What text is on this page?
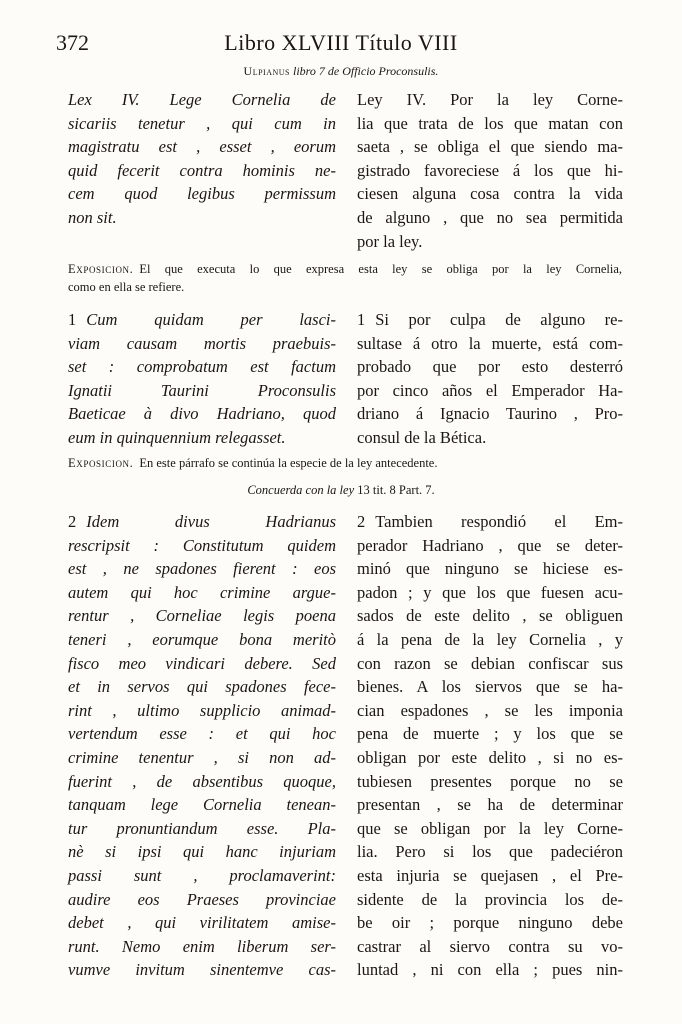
372	Libro XLVIII Título VIII
Ulpianus libro 7 de Officio Proconsulis.
Lex IV. Lege Cornelia de
sicariis tenetur , qui cum in
magistratu est , esset , eorum
quid fecerit contra hominis ne-
cem quod legibus permissum
non sit.
Ley IV. Por la ley Corne-
lia que trata de los que matan con
saeta , se obliga el que siendo ma-
gistrado favoreciese á los que hi-
ciesen alguna cosa contra la vida
de alguno , que no sea permitida
por la ley.
Exposicion. El que executa lo que expresa esta ley se obliga por la ley Cornelia,
como en ella se refiere.
1 Cum quidam per lasci-
viam causam mortis praebuis-
set : comprobatum est factum
Ignatii Taurini Proconsulis
Baeticae à divo Hadriano, quod
eum in quinquennium relegasset.
1 Si por culpa de alguno re-
sultase á otro la muerte, está com-
probado que por esto desterró
por cinco años el Emperador Ha-
driano á Ignacio Taurino , Pro-
consul de la Bética.
Exposicion. En este párrafo se continúa la especie de la ley antecedente.
Concuerda con la ley 13 tit. 8 Part. 7.
2 Idem divus Hadrianus
rescripsit : Constitutum quidem
est , ne spadones fierent : eos
autem qui hoc crimine argue-
rentur , Corneliae legis poena
teneri , eorumque bona meritò
fisco meo vindicari debere. Sed
et in servos qui spadones fece-
rint , ultimo supplicio animad-
vertendum esse : et qui hoc
crimine tenentur , si non ad-
fuerint , de absentibus quoque,
tanquam lege Cornelia tenean-
tur pronuntiandum esse. Pla-
nè si ipsi qui hanc injuriam
passi sunt , proclamaverint:
audire eos Praeses provinciae
debet , qui virilitatem amise-
runt. Nemo enim liberum ser-
vumve invitum sinentemve cas-
2 Tambien respondió el Em-
perador Hadriano , que se deter-
minó que ninguno se hiciese es-
padon ; y que los que fuesen acu-
sados de este delito , se obliguen
á la pena de la ley Cornelia , y
con razon se debian confiscar sus
bienes. A los siervos que se ha-
cian espadones , se les imponia
pena de muerte ; y los que se
obligan por este delito , si no es-
tubiesen presentes porque no se
presentan , se ha de determinar
que se obligan por la ley Corne-
lia. Pero si los que padeciéron
esta injuria se quejasen , el Pre-
sidente de la provincia los de-
be oir ; porque ninguno debe
castrar al siervo contra su vo-
luntad , ni con ella ; pues nin-
